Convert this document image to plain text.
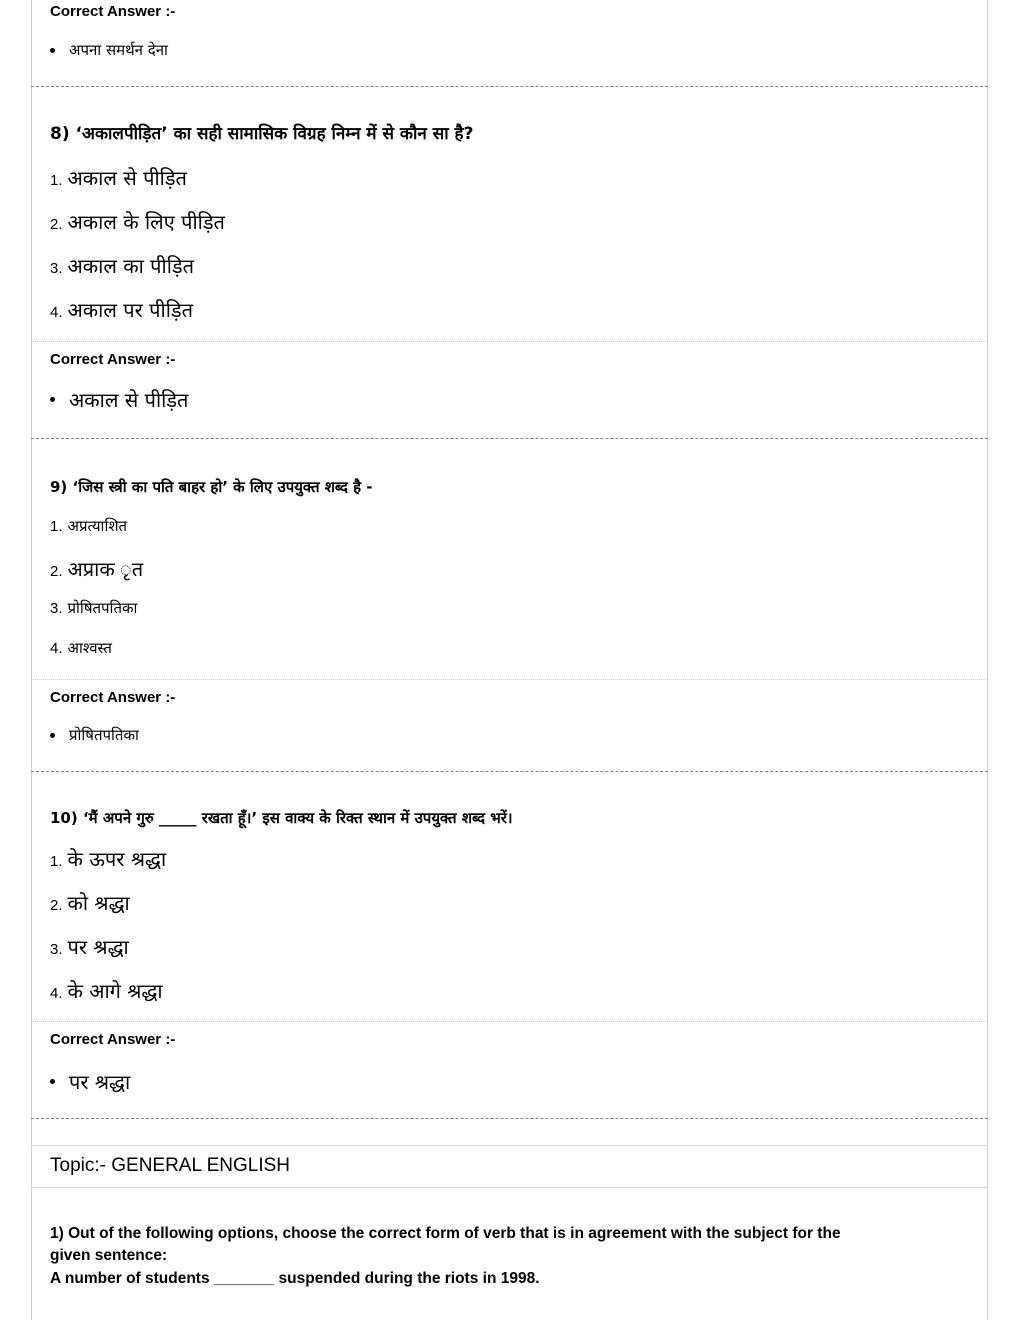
Correct Answer :-
अपना समर्थन देना
8) ‘अकालपीड़ित’ का सही सामासिक विग्रह निम्न में से कौन सा है?
1. अकाल से पीड़ित
2. अकाल के लिए पीड़ित
3. अकाल का पीड़ित
4. अकाल पर पीड़ित
Correct Answer :-
अकाल से पीड़ित
9) ‘जिस स्त्री का पति बाहर हो’ के लिए उपयुक्त शब्द है -
1. अप्रत्याशित
2. अप्राक ृत
3. प्रोषितपतिका
4. आश्वस्त
Correct Answer :-
प्रोषितपतिका
10) ‘मैं अपने गुरु _____ रखता हूँ।’ इस वाक्य के रिक्त स्थान में उपयुक्त शब्द भरें।
1. के ऊपर श्रद्धा
2. को श्रद्धा
3. पर श्रद्धा
4. के आगे श्रद्धा
Correct Answer :-
पर श्रद्धा
Topic:- GENERAL ENGLISH
1) Out of the following options, choose the correct form of verb that is in agreement with the subject for the
given sentence:
A number of students _______ suspended during the riots in 1998.
